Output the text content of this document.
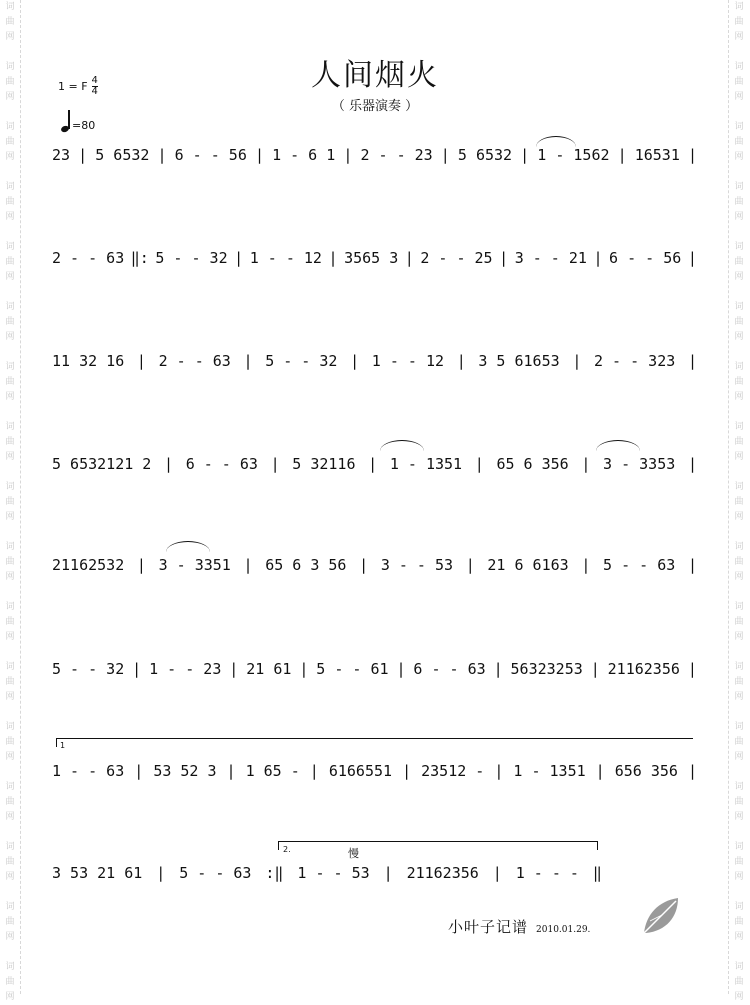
词
曲
网
词
曲
网
词
曲
网
词
曲
网
词
曲
网
词
曲
网
词
曲
网
词
曲
网
词
曲
网
词
曲
网
词
曲
网
词
曲
网
词
曲
网
词
曲
网
词
曲
网
词
曲
网
词
曲
网
词
曲
网
词
曲
网
词
曲
网
词
曲
网
词
曲
网
词
曲
网
词
曲
网
词
曲
网
词
曲
网
词
曲
网
词
曲
网
词
曲
网
词
曲
网
词
曲
网
词
曲
网
词
曲
网
词
曲
网
人间烟火
（ 乐器演奏 ）
1 = F $\frac{4}{4}$
=80
23 | 5 6532 | 6 - - 56 | 1 - 6 1 | 2 - - 23 | 5 6532 | 1 - 1562 | 16531 |
2 - - 63 ‖: 5 - - 32 | 1 - - 12 | 3565 3 | 2 - - 25 | 3 - - 21 | 6 - - 56 |
11 32 16 | 2 - - 63 | 5 - - 32 | 1 - - 12 | 3 5 61653 | 2 - - 323 |
5 6532121 2 | 6 - - 63 | 5 32116 | 1 - 1351 | 65 6 356 | 3 - 3353 |
21162532 | 3 - 3351 | 65 6 3 56 | 3 - - 53 | 21 6 6163 | 5 - - 63 |
5 - - 32 | 1 - - 23 | 21 61 | 5 - - 61 | 6 - - 63 | 56323253 | 21162356 |
1 - - 63 | 53 52 3 | 1 65 - | 6166551 | 23512 - | 1 - 1351 | 656 356 |
3 53 21 61 | 5 - - 63 :‖ 1 - - 53 | 21162356 | 1 - - - ‖
1
2.	慢
小叶子记谱 2010.01.29.
